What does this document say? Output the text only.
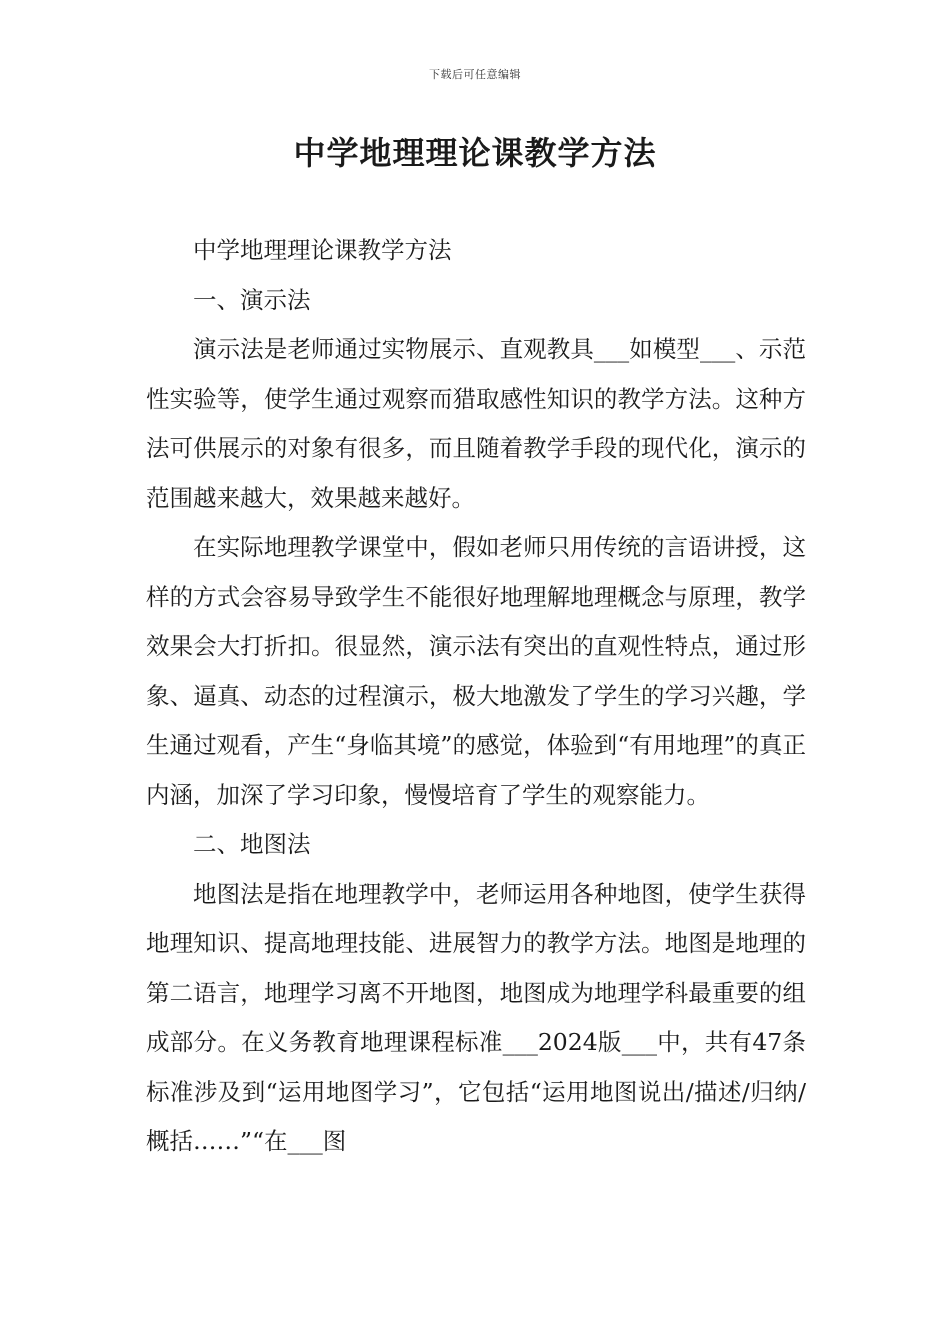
下载后可任意编辑
中学地理理论课教学方法

中学地理理论课教学方法

一、演示法

演示法是老师通过实物展示、直观教具___如模型___、示范性实验等，使学生通过观察而猎取感性知识的教学方法。这种方法可供展示的对象有很多，而且随着教学手段的现代化，演示的范围越来越大，效果越来越好。

在实际地理教学课堂中，假如老师只用传统的言语讲授，这样的方式会容易导致学生不能很好地理解地理概念与原理，教学效果会大打折扣。很显然，演示法有突出的直观性特点，通过形象、逼真、动态的过程演示，极大地激发了学生的学习兴趣，学生通过观看，产生“身临其境”的感觉，体验到“有用地理”的真正内涵，加深了学习印象，慢慢培育了学生的观察能力。

二、地图法

地图法是指在地理教学中，老师运用各种地图，使学生获得地理知识、提高地理技能、进展智力的教学方法。地图是地理的第二语言，地理学习离不开地图，地图成为地理学科最重要的组成部分。在义务教育地理课程标准___2024版___中，共有47条标准涉及到“运用地图学习”，它包括“运用地图说出/描述/归纳/概括……”“在___图
